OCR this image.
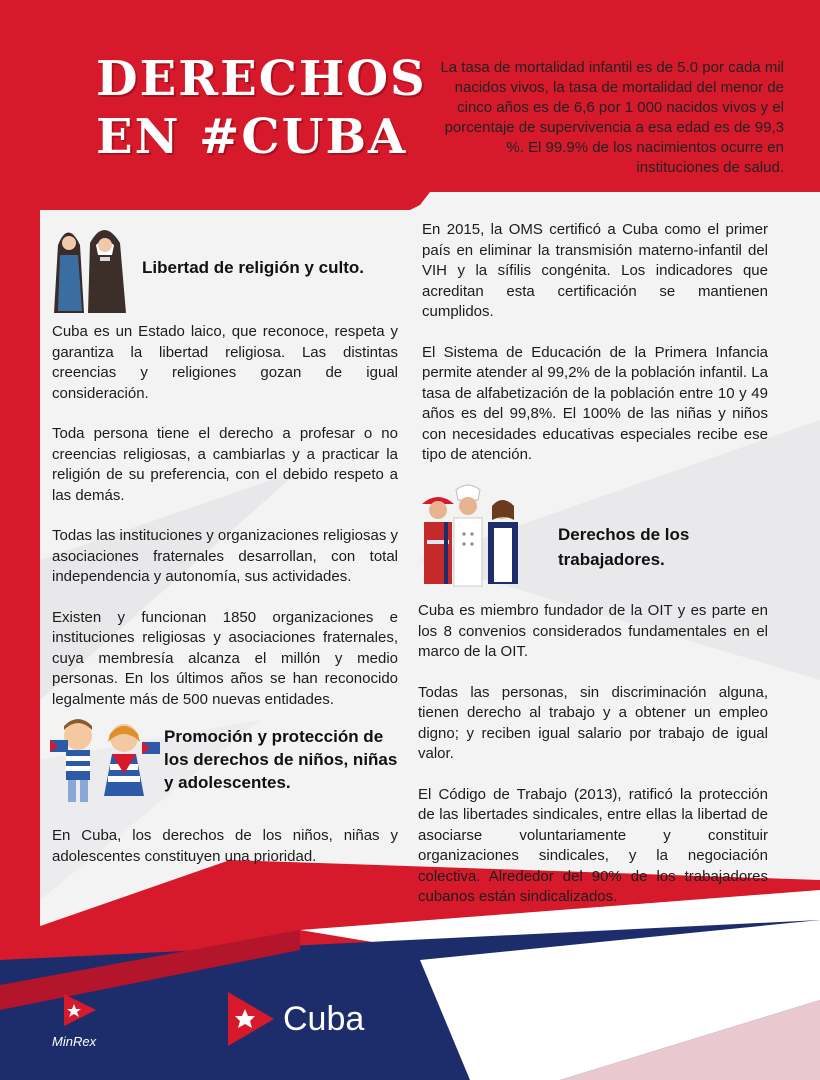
DERECHOS
EN #CUBA

La tasa de mortalidad infantil es de 5.0 por cada mil nacidos vivos, la tasa de mortalidad del menor de cinco años es de 6,6 por 1 000 nacidos vivos y el porcentaje de supervivencia a esa edad es de 99,3 %. El 99.9% de los nacimientos ocurre en instituciones de salud.

Libertad de religión y culto.

Cuba es un Estado laico, que reconoce, respeta y garantiza la libertad religiosa. Las distintas creencias y religiones gozan de igual consideración.

Toda persona tiene el derecho a profesar o no creencias religiosas, a cambiarlas y a practicar la religión de su preferencia, con el debido respeto a las demás.

Todas las instituciones y organizaciones religiosas y asociaciones fraternales desarrollan, con total independencia y autonomía, sus actividades.

Existen y funcionan 1850 organizaciones e instituciones religiosas y asociaciones fraternales, cuya membresía alcanza el millón y medio personas. En los últimos años se han reconocido legalmente más de 500 nuevas entidades.

Promoción y protección de los derechos de niños, niñas y adolescentes.

En Cuba, los derechos de los niños, niñas y adolescentes constituyen una prioridad.

En 2015, la OMS certificó a Cuba como el primer país en eliminar la transmisión materno-infantil del VIH y la sífilis congénita. Los indicadores que acreditan esta certificación se mantienen cumplidos.

El Sistema de Educación de la Primera Infancia permite atender al 99,2% de la población infantil. La tasa de alfabetización de la población entre 10 y 49 años es del 99,8%. El 100% de las niñas y niños con necesidades educativas especiales recibe ese tipo de atención.

Derechos de los trabajadores.

Cuba es miembro fundador de la OIT y es parte en los 8 convenios considerados fundamentales en el marco de la OIT.

Todas las personas, sin discriminación alguna, tienen derecho al trabajo y a obtener un empleo digno; y reciben igual salario por trabajo de igual valor.

El Código de Trabajo (2013), ratificó la protección de las libertades sindicales, entre ellas la libertad de asociarse voluntariamente y constituir organizaciones sindicales, y la negociación colectiva. Alrededor del 90% de los trabajadores cubanos están sindicalizados.

MinRex
Cuba
